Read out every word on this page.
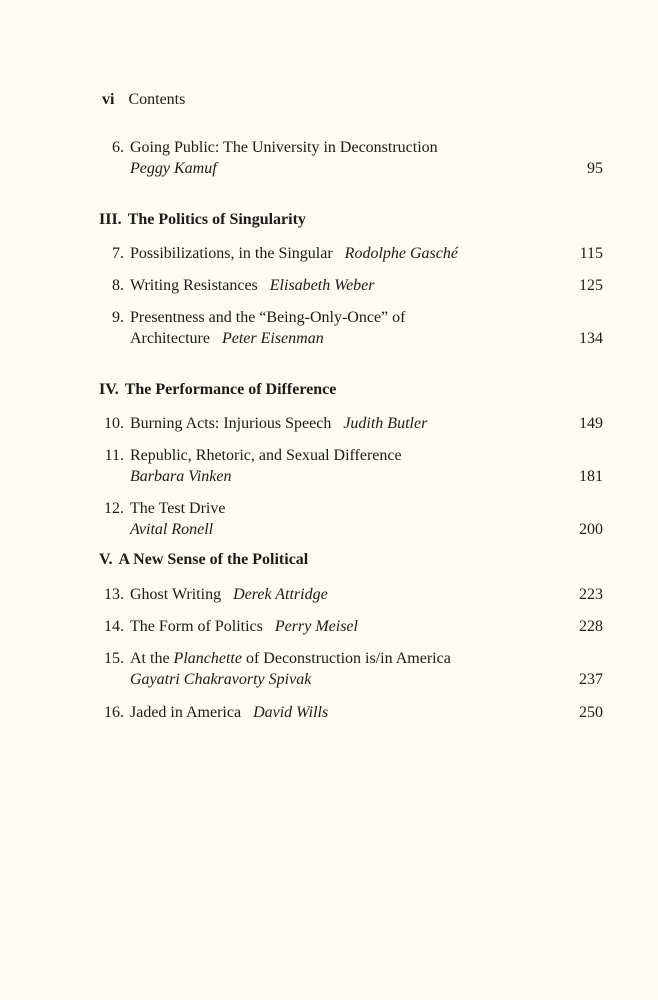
vi Contents
6. Going Public: The University in Deconstruction
Peggy Kamuf	95
III. The Politics of Singularity
7. Possibilizations, in the Singular Rodolphe Gasché	115
8. Writing Resistances Elisabeth Weber	125
9. Presentness and the “Being-Only-Once” of
Architecture Peter Eisenman	134
IV. The Performance of Difference
10. Burning Acts: Injurious Speech Judith Butler	149
11. Republic, Rhetoric, and Sexual Difference
Barbara Vinken	181
12. The Test Drive
Avital Ronell	200
V. A New Sense of the Political
13. Ghost Writing Derek Attridge	223
14. The Form of Politics Perry Meisel	228
15. At the Planchette of Deconstruction is/in America
Gayatri Chakravorty Spivak	237
16. Jaded in America David Wills	250
